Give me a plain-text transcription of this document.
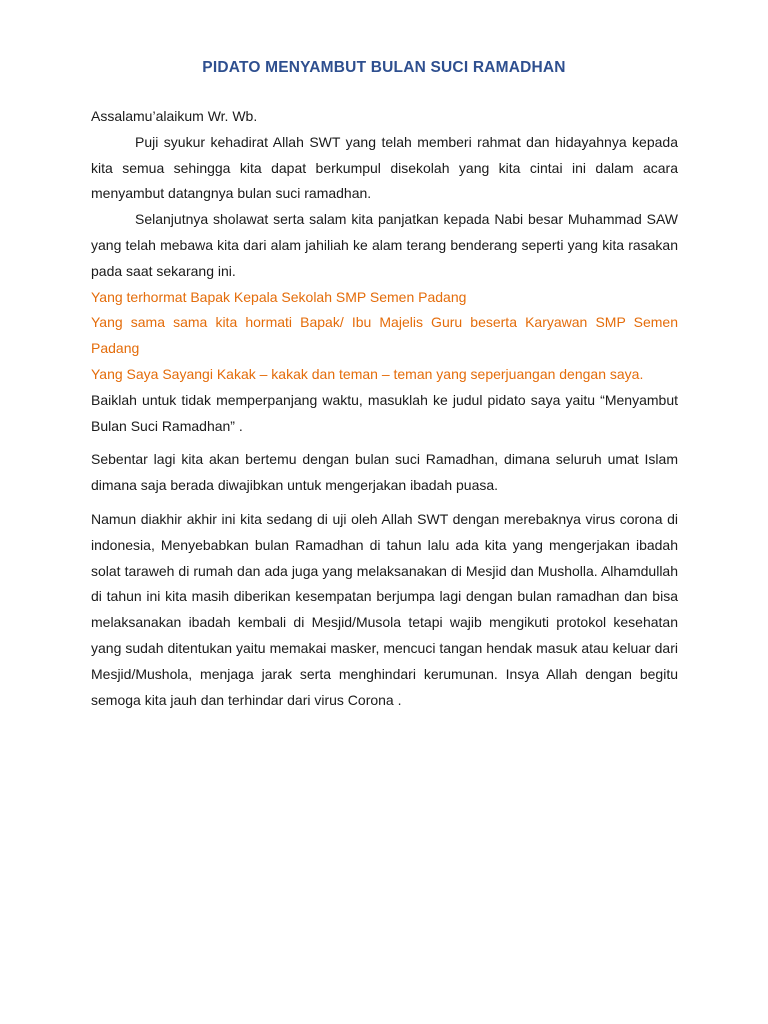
PIDATO MENYAMBUT BULAN SUCI RAMADHAN

Assalamu’alaikum Wr. Wb.

Puji syukur kehadirat Allah SWT yang telah memberi rahmat dan hidayahnya kepada kita semua sehingga kita dapat berkumpul disekolah yang kita cintai ini dalam acara menyambut datangnya bulan suci ramadhan.

Selanjutnya sholawat serta salam kita panjatkan kepada Nabi besar Muhammad SAW yang telah mebawa kita dari alam jahiliah ke alam terang benderang seperti yang kita rasakan pada saat sekarang ini.

Yang terhormat Bapak Kepala Sekolah SMP Semen Padang

Yang sama sama kita hormati Bapak/ Ibu Majelis Guru beserta Karyawan SMP Semen Padang

Yang Saya Sayangi Kakak – kakak dan teman – teman yang seperjuangan dengan saya.

Baiklah untuk tidak memperpanjang waktu, masuklah ke judul pidato saya yaitu “Menyambut Bulan Suci Ramadhan” .

Sebentar lagi kita akan bertemu dengan bulan suci Ramadhan, dimana seluruh umat Islam dimana saja berada diwajibkan untuk mengerjakan ibadah puasa.

Namun diakhir akhir ini kita sedang di uji oleh Allah SWT dengan merebaknya virus corona di indonesia, Menyebabkan bulan Ramadhan di tahun lalu ada kita yang mengerjakan ibadah solat taraweh di rumah dan ada juga yang melaksanakan di Mesjid dan Musholla. Alhamdullah di tahun ini kita masih diberikan kesempatan berjumpa lagi dengan bulan ramadhan dan bisa melaksanakan ibadah kembali di Mesjid/Musola tetapi wajib mengikuti protokol kesehatan yang sudah ditentukan yaitu memakai masker, mencuci tangan hendak masuk atau keluar dari Mesjid/Mushola, menjaga jarak serta menghindari kerumunan. Insya Allah dengan begitu semoga kita jauh dan terhindar dari virus Corona .
